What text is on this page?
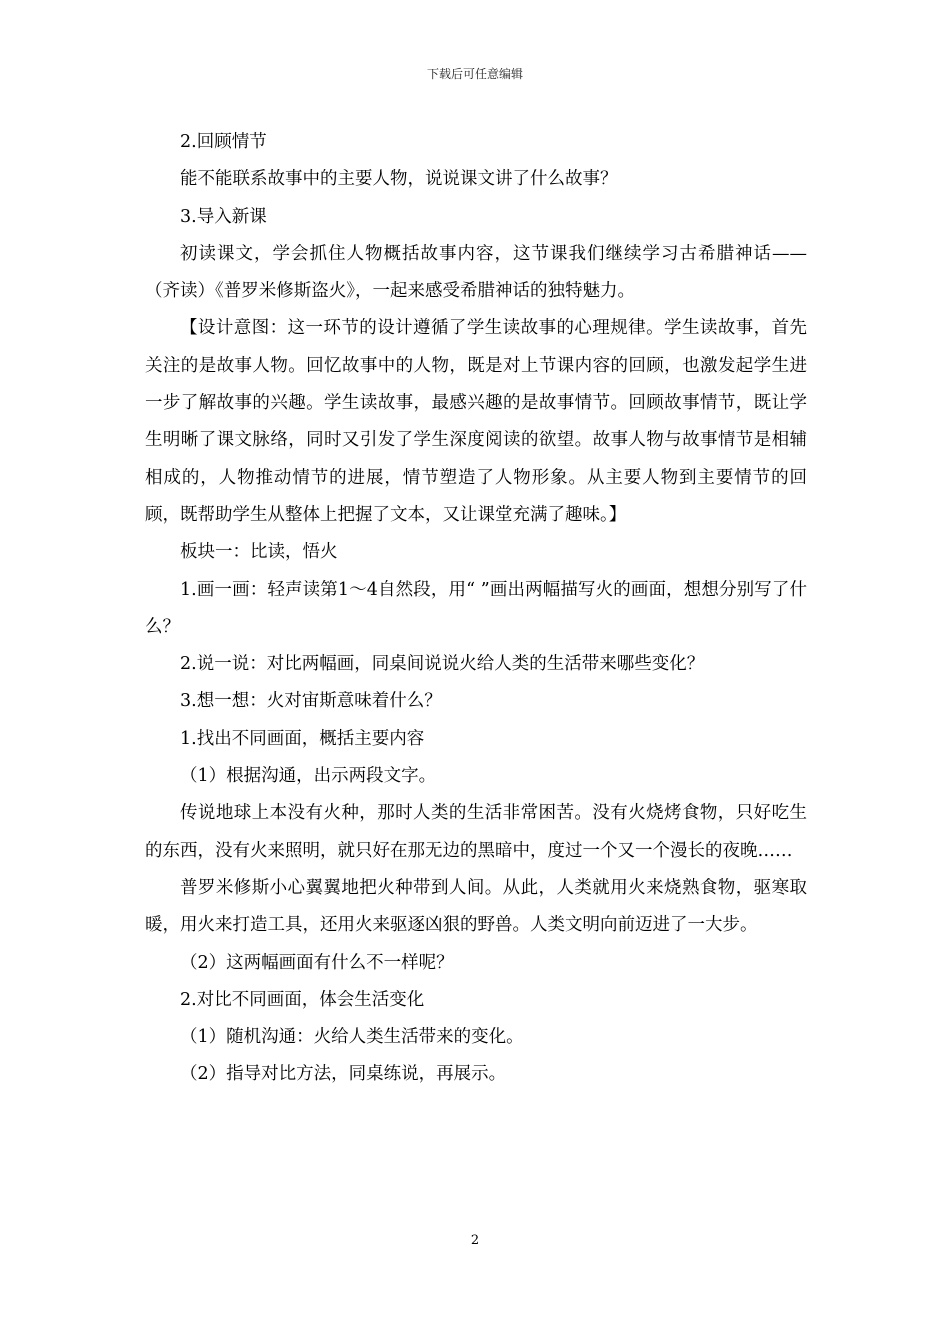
下载后可任意编辑

2.回顾情节

能不能联系故事中的主要人物，说说课文讲了什么故事？

3.导入新课

初读课文，学会抓住人物概括故事内容，这节课我们继续学习古希腊神话——（齐读）《普罗米修斯盗火》，一起来感受希腊神话的独特魅力。

【设计意图：这一环节的设计遵循了学生读故事的心理规律。学生读故事，首先关注的是故事人物。回忆故事中的人物，既是对上节课内容的回顾，也激发起学生进一步了解故事的兴趣。学生读故事，最感兴趣的是故事情节。回顾故事情节，既让学生明晰了课文脉络，同时又引发了学生深度阅读的欲望。故事人物与故事情节是相辅相成的，人物推动情节的进展，情节塑造了人物形象。从主要人物到主要情节的回顾，既帮助学生从整体上把握了文本，又让课堂充满了趣味。】

板块一：比读，悟火

1.画一画：轻声读第1～4自然段，用“ ”画出两幅描写火的画面，想想分别写了什么？

2.说一说：对比两幅画，同桌间说说火给人类的生活带来哪些变化？

3.想一想：火对宙斯意味着什么？

1.找出不同画面，概括主要内容

（1）根据沟通，出示两段文字。

传说地球上本没有火种，那时人类的生活非常困苦。没有火烧烤食物，只好吃生的东西，没有火来照明，就只好在那无边的黑暗中，度过一个又一个漫长的夜晚……

普罗米修斯小心翼翼地把火种带到人间。从此，人类就用火来烧熟食物，驱寒取暖，用火来打造工具，还用火来驱逐凶狠的野兽。人类文明向前迈进了一大步。

（2）这两幅画面有什么不一样呢？

2.对比不同画面，体会生活变化

（1）随机沟通：火给人类生活带来的变化。

（2）指导对比方法，同桌练说，再展示。

2
